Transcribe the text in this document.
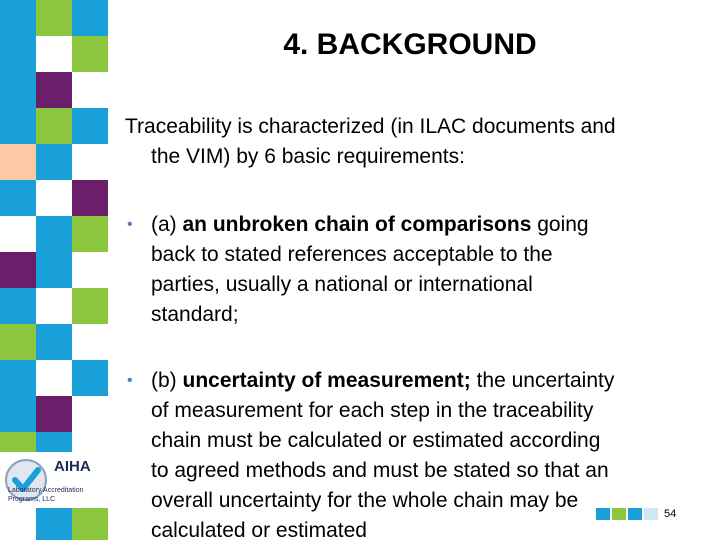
AIHA
Laboratory Accreditation Programs, LLC
4. BACKGROUND
Traceability is characterized (in ILAC documents and
the VIM) by 6 basic requirements:
• (a) an unbroken chain of comparisons going
back to stated references acceptable to the
parties, usually a national or international
standard;
• (b) uncertainty of measurement; the uncertainty
of measurement for each step in the traceability
chain must be calculated or estimated according
to agreed methods and must be stated so that an
overall uncertainty for the whole chain may be
calculated or estimated
54
